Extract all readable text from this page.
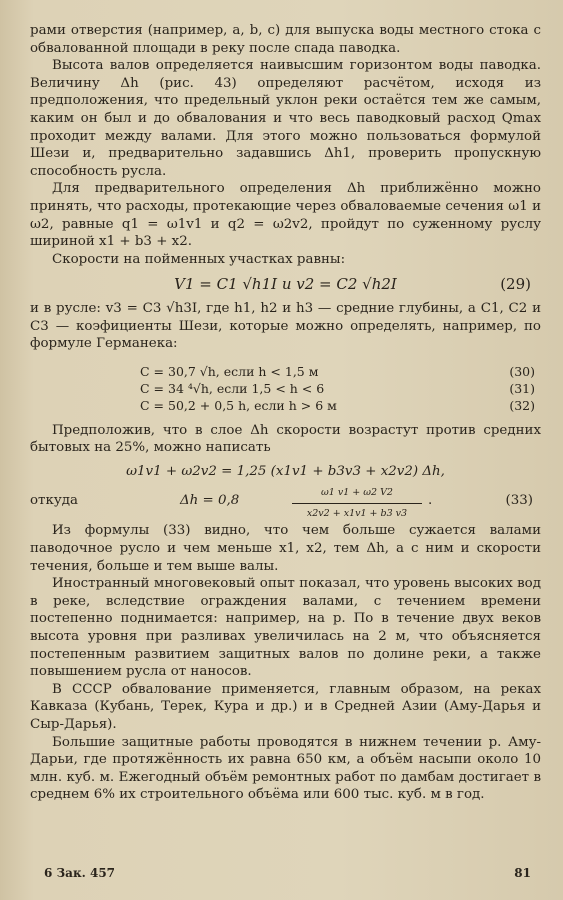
рами отверстия (например, a, b, c) для выпуска воды местного стока с обвалованной площади в реку после спада паводка.

Высота валов определяется наивысшим горизонтом воды паводка. Величину Δh (рис. 43) определяют расчётом, исходя из предположения, что предельный уклон реки остаётся тем же самым, каким он был и до обвалования и что весь паводковый расход Qmax проходит между валами. Для этого можно пользоваться формулой Шези и, предварительно задавшись Δh1, проверить пропускную способность русла.

Для предварительного определения Δh приближённо можно принять, что расходы, протекающие через обваловаемые сечения ω1 и ω2, равные q1 = ω1v1 и q2 = ω2v2, пройдут по суженному руслу шириной x1 + b3 + x2.

Скорости на пойменных участках равны:

V1 = C1 √h1I и v2 = C2 √h2I	(29)

и в русле: v3 = C3 √h3I, где h1, h2 и h3 — средние глубины, а C1, C2 и C3 — коэфициенты Шези, которые можно определять, например, по формуле Германека:

C = 30,7 √h, если h < 1,5 м	(30)
C = 34 ⁴√h, если 1,5 < h < 6	(31)
C = 50,2 + 0,5 h, если h > 6 м	(32)

Предположив, что в слое Δh скорости возрастут против средних бытовых на 25%, можно написать

ω1v1 + ω2v2 = 1,25 (x1v1 + b3v3 + x2v2) Δh,
откуда	Δh = 0,8	$\frac{\omega 1 v1 + \omega 2 V2}{x2v2 + x1v1 + b3 v3}$ .	(33)

Из формулы (33) видно, что чем больше сужается валами паводочное русло и чем меньше x1, x2, тем Δh, а с ним и скорости течения, больше и тем выше валы.

Иностранный многовековый опыт показал, что уровень высоких вод в реке, вследствие ограждения валами, с течением времени постепенно поднимается: например, на р. По в течение двух веков высота уровня при разливах увеличилась на 2 м, что объясняется постепенным развитием защитных валов по долине реки, а также повышением русла от наносов.

В СССР обвалование применяется, главным образом, на реках Кавказа (Кубань, Терек, Кура и др.) и в Средней Азии (Аму-Дарья и Сыр-Дарья).

Большие защитные работы проводятся в нижнем течении р. Аму-Дарьи, где протяжённость их равна 650 км, а объём насыпи около 10 млн. куб. м. Ежегодный объём ремонтных работ по дамбам достигает в среднем 6% их строительного объёма или 600 тыс. куб. м в год.

6 Зак. 457	81
